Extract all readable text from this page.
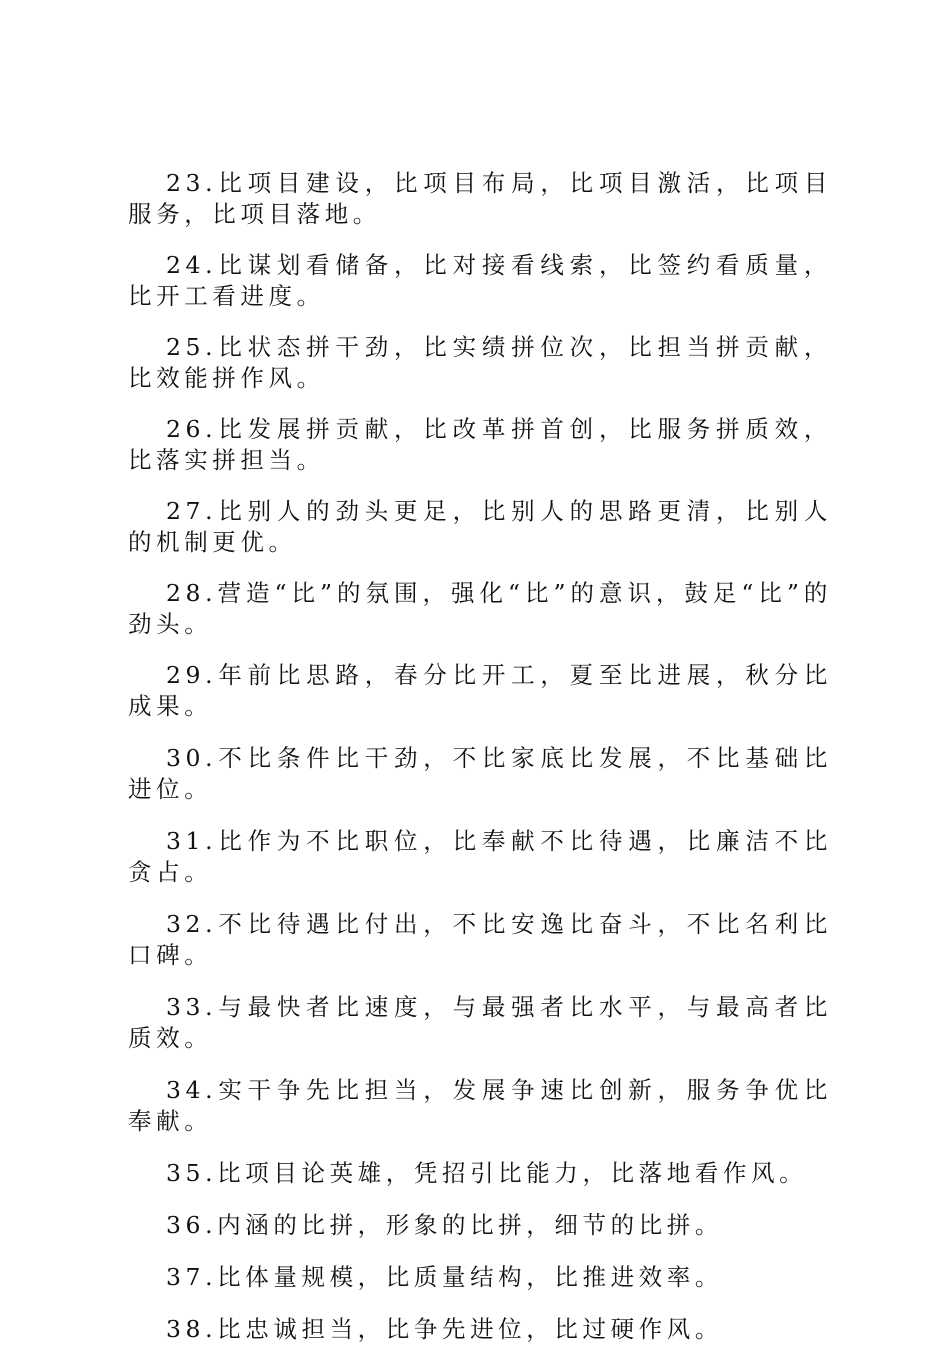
23.比项目建设，比项目布局，比项目激活，比项目服务，比项目落地。

24.比谋划看储备，比对接看线索，比签约看质量，比开工看进度。

25.比状态拼干劲，比实绩拼位次，比担当拼贡献，比效能拼作风。

26.比发展拼贡献，比改革拼首创，比服务拼质效，比落实拼担当。

27.比别人的劲头更足，比别人的思路更清，比别人的机制更优。

28.营造“比”的氛围，强化“比”的意识，鼓足“比”的劲头。

29.年前比思路，春分比开工，夏至比进展，秋分比成果。

30.不比条件比干劲，不比家底比发展，不比基础比进位。

31.比作为不比职位，比奉献不比待遇，比廉洁不比贪占。

32.不比待遇比付出，不比安逸比奋斗，不比名利比口碑。

33.与最快者比速度，与最强者比水平，与最高者比质效。

34.实干争先比担当，发展争速比创新，服务争优比奉献。

35.比项目论英雄，凭招引比能力，比落地看作风。

36.内涵的比拼，形象的比拼，细节的比拼。

37.比体量规模，比质量结构，比推进效率。

38.比忠诚担当，比争先进位，比过硬作风。
